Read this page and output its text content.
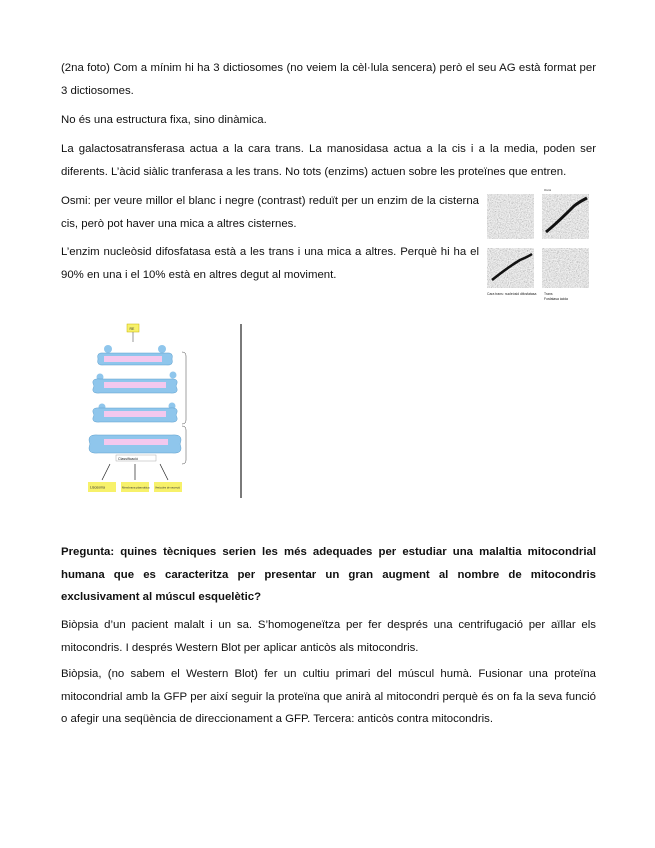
(2na foto) Com a mínim hi ha 3 dictiosomes (no veiem la cèl·lula sencera) però el seu AG està format per 3 dictiosomes.

No és una estructura fixa, sino dinàmica.

La galactosatransferasa actua a la cara trans. La manosidasa actua a la cis i a la media, poden ser diferents. L’àcid siàlic tranferasa a les trans. No tots (enzims) actuen sobre les proteïnes que entren.

Osmi: per veure millor el blanc i negre (contrast) reduït per un enzim de la cisterna cis, però pot haver una mica a altres cisternes.

L’enzim nucleòsid difosfatasa està a les trans i una mica a altres. Perquè hi ha el 90% en una i el 10% està en altres degut al moviment.

Osmi
Cara trans: nucleòsid difosfatasa Trans
Fosfatasa àcida
RE
Classificació
Lisosoma	Membrana plasmàtica Vesícules de secreció

Pregunta: quines tècniques serien les més adequades per estudiar una malaltia mitocondrial humana que es caracteritza per presentar un gran augment al nombre de mitocondris exclusivament al múscul esquelètic?

Biòpsia d’un pacient malalt i un sa. S’homogeneïtza per fer després una centrifugació per aïllar els mitocondris. I després Western Blot per aplicar anticòs als mitocondris.

Biòpsia, (no sabem el Western Blot) fer un cultiu primari del múscul humà. Fusionar una proteïna mitocondrial amb la GFP per així seguir la proteïna que anirà al mitocondri perquè és on fa la seva funció o afegir una seqüència de direccionament a GFP. Tercera: anticòs contra mitocondris.
